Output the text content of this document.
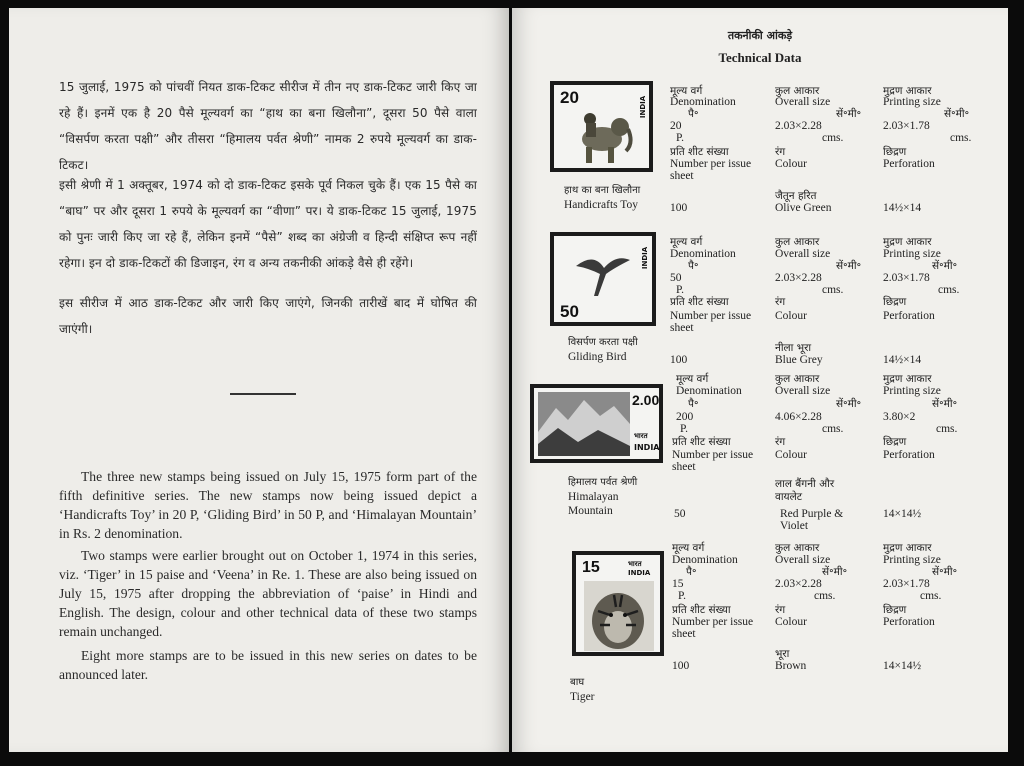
15 जुलाई, 1975 को पांचवीं नियत डाक-टिकट सीरीज में तीन नए डाक-टिकट जारी किए जा रहे हैं। इनमें एक है 20 पैसे मूल्यवर्ग का “हाथ का बना खिलौना”, दूसरा 50 पैसे वाला “विसर्पण करता पक्षी” और तीसरा “हिमालय पर्वत श्रेणी” नामक 2 रुपये मूल्यवर्ग का डाक-टिकट।

इसी श्रेणी में 1 अक्तूबर, 1974 को दो डाक-टिकट इसके पूर्व निकल चुके हैं। एक 15 पैसे का “बाघ” पर और दूसरा 1 रुपये के मूल्यवर्ग का “वीणा” पर। ये डाक-टिकट 15 जुलाई, 1975 को पुनः जारी किए जा रहे हैं, लेकिन इनमें “पैसे” शब्द का अंग्रेजी व हिन्दी संक्षिप्त रूप नहीं रहेगा। इन दो डाक-टिकटों की डिजाइन, रंग व अन्य तकनीकी आंकड़े वैसे ही रहेंगे।

इस सीरीज में आठ डाक-टिकट और जारी किए जाएंगे, जिनकी तारीखें बाद में घोषित की जाएंगी।

The three new stamps being issued on July 15, 1975 form part of the fifth definitive series. The new stamps now being issued depict a ‘Handicrafts Toy’ in 20 P, ‘Gliding Bird’ in 50 P, and ‘Himalayan Mountain’ in Rs. 2 denomination.

Two stamps were earlier brought out on October 1, 1974 in this series, viz. ‘Tiger’ in 15 paise and ‘Veena’ in Re. 1. These are also being issued on July 15, 1975 after dropping the abbreviation of ‘paise’ in Hindi and English. The design, colour and other technical data of these two stamps remain unchanged.

Eight more stamps are to be issued in this new series on dates to be announced later.

तकनीकी आंकड़े
Technical Data
20	INDIA
हाथ का बना खिलौना
Handicrafts Toy
मूल्य वर्ग
Denomination
पै॰
20
P.
प्रति शीट संख्या
Number per issue
sheet
100
कुल आकार
Overall size
सें॰मी॰
2.03×2.28
cms.
रंग
Colour
जैतून हरित
Olive Green
मुद्रण आकार
Printing size
सें॰मी॰
2.03×1.78
cms.
छिद्रण
Perforation
14½×14
50
INDIA
विसर्पण करता पक्षी
Gliding Bird
मूल्य वर्ग
Denomination
पै॰
50
P.
प्रति शीट संख्या
Number per issue
sheet
100
कुल आकार
Overall size
सें॰मी॰
2.03×2.28
cms.
रंग
Colour
नीला भूरा
Blue Grey
मुद्रण आकार
Printing size
सें॰मी॰
2.03×1.78
cms.
छिद्रण
Perforation
14½×14
2.00
भारत
INDIA
हिमालय पर्वत श्रेणी
Himalayan
Mountain
मूल्य वर्ग
Denomination
पै॰
200
P.
प्रति शीट संख्या
Number per issue
sheet
50
कुल आकार
Overall size
सें॰मी॰
4.06×2.28
cms.
रंग
Colour
लाल बैंगनी और
वायलेट
Red Purple &
Violet
मुद्रण आकार
Printing size
सें॰मी॰
3.80×2
cms.
छिद्रण
Perforation
14×14½
15	भारत
INDIA
बाघ
Tiger
मूल्य वर्ग
Denomination
पै॰
15
P.
प्रति शीट संख्या
Number per issue
sheet
100
कुल आकार
Overall size
सें॰मी॰
2.03×2.28
cms.
रंग
Colour
भूरा
Brown
मुद्रण आकार
Printing size
सें॰मी॰
2.03×1.78
cms.
छिद्रण
Perforation
14×14½
